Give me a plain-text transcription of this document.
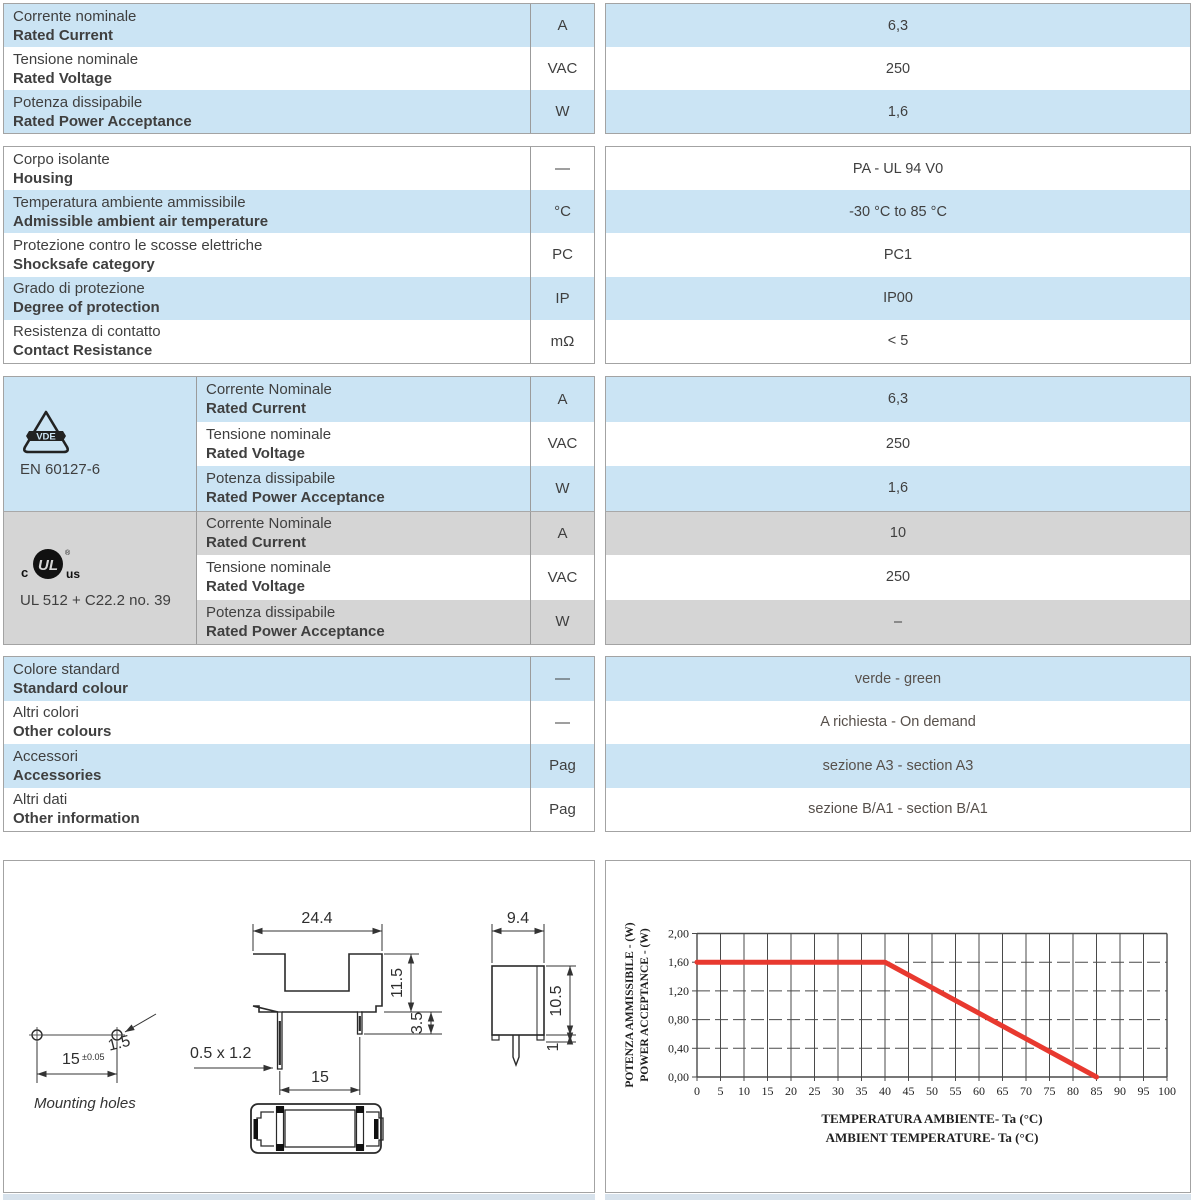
Corrente nominale
Rated Current
A
Tensione nominale
Rated Voltage
VAC
Potenza dissipabile
Rated Power Acceptance
W
6,3
250
1,6
Corpo isolante
Housing
—
Temperatura ambiente ammissibile
Admissible ambient air temperature
°C
Protezione contro le scosse elettriche
Shocksafe category
PC
Grado di protezione
Degree of protection
IP
Resistenza di contatto
Contact Resistance
mΩ
PA - UL 94 V0
-30 °C to 85 °C
PC1
IP00
< 5
VDE
EN 60127-6
Corrente Nominale
Rated Current
A
Tensione nominale
Rated Voltage
VAC
Potenza dissipabile
Rated Power Acceptance
W
c UL
®
us
UL 512 + C22.2 no. 39
Corrente Nominale
Rated Current
A
Tensione nominale
Rated Voltage
VAC
Potenza dissipabile
Rated Power Acceptance
W
6,3
250
1,6
10
250
–
Colore standard
Standard colour
—
Altri colori
Other colours
—
Accessori
Accessories
Pag
Altri dati
Other information
Pag
verde - green
A richiesta - On demand
sezione A3 - section A3
sezione B/A1 - section B/A1
1.5
15 ±0.05
Mounting holes
24.4
11.5
3.5
0.5 x 1.2
15
9.4
10.5
1
0 5 10 15 20 25 30 35 40 45 50 55 60 65 70 75 80 85 90 95 100
0,00
0,40
0,80
1,20
1,60
2,00
POTENZA AMMISSIBILE - (W) POWER ACCEPTANCE - (W)
TEMPERATURA AMBIENTE- Ta (°C)
AMBIENT TEMPERATURE- Ta (°C)
